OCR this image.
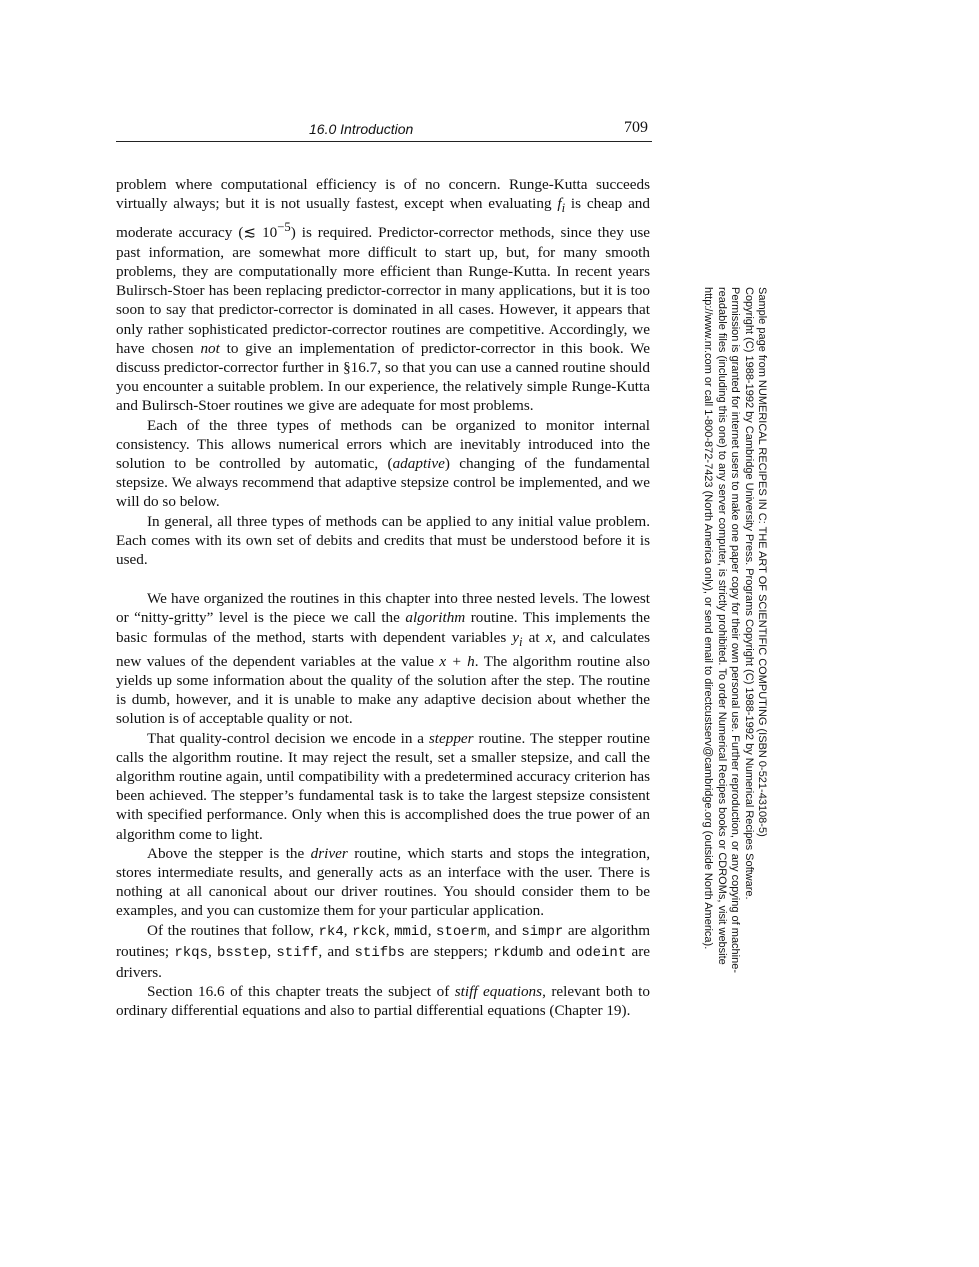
16.0 Introduction	709

problem where computational efficiency is of no concern. Runge-Kutta succeeds virtually always; but it is not usually fastest, except when evaluating $f_i$ is cheap and moderate accuracy (≲ $10^{-5}$) is required. Predictor-corrector methods, since they use past information, are somewhat more difficult to start up, but, for many smooth problems, they are computationally more efficient than Runge-Kutta. In recent years Bulirsch-Stoer has been replacing predictor-corrector in many applications, but it is too soon to say that predictor-corrector is dominated in all cases. However, it appears that only rather sophisticated predictor-corrector routines are competitive. Accordingly, we have chosen not to give an implementation of predictor-corrector in this book. We discuss predictor-corrector further in §16.7, so that you can use a canned routine should you encounter a suitable problem. In our experience, the relatively simple Runge-Kutta and Bulirsch-Stoer routines we give are adequate for most problems.

Each of the three types of methods can be organized to monitor internal consistency. This allows numerical errors which are inevitably introduced into the solution to be controlled by automatic, (adaptive) changing of the fundamental stepsize. We always recommend that adaptive stepsize control be implemented, and we will do so below.

In general, all three types of methods can be applied to any initial value problem. Each comes with its own set of debits and credits that must be understood before it is used.

We have organized the routines in this chapter into three nested levels. The lowest or “nitty-gritty” level is the piece we call the algorithm routine. This implements the basic formulas of the method, starts with dependent variables $y_i$ at x, and calculates new values of the dependent variables at the value x + h. The algorithm routine also yields up some information about the quality of the solution after the step. The routine is dumb, however, and it is unable to make any adaptive decision about whether the solution is of acceptable quality or not.

That quality-control decision we encode in a stepper routine. The stepper routine calls the algorithm routine. It may reject the result, set a smaller stepsize, and call the algorithm routine again, until compatibility with a predetermined accuracy criterion has been achieved. The stepper’s fundamental task is to take the largest stepsize consistent with specified performance. Only when this is accomplished does the true power of an algorithm come to light.

Above the stepper is the driver routine, which starts and stops the integration, stores intermediate results, and generally acts as an interface with the user. There is nothing at all canonical about our driver routines. You should consider them to be examples, and you can customize them for your particular application.

Of the routines that follow, rk4, rkck, mmid, stoerm, and simpr are algorithm routines; rkqs, bsstep, stiff, and stifbs are steppers; rkdumb and odeint are drivers.

Section 16.6 of this chapter treats the subject of stiff equations, relevant both to ordinary differential equations and also to partial differential equations (Chapter 19).

Sample page from NUMERICAL RECIPES IN C: THE ART OF SCIENTIFIC COMPUTING (ISBN 0-521-43108-5)
Copyright (C) 1988-1992 by Cambridge University Press. Programs Copyright (C) 1988-1992 by Numerical Recipes Software.
Permission is granted for internet users to make one paper copy for their own personal use. Further reproduction, or any copying of machine-
readable files (including this one) to any server computer, is strictly prohibited. To order Numerical Recipes books or CDROMs, visit website
http://www.nr.com or call 1-800-872-7423 (North America only), or send email to directcustserv@cambridge.org (outside North America).
